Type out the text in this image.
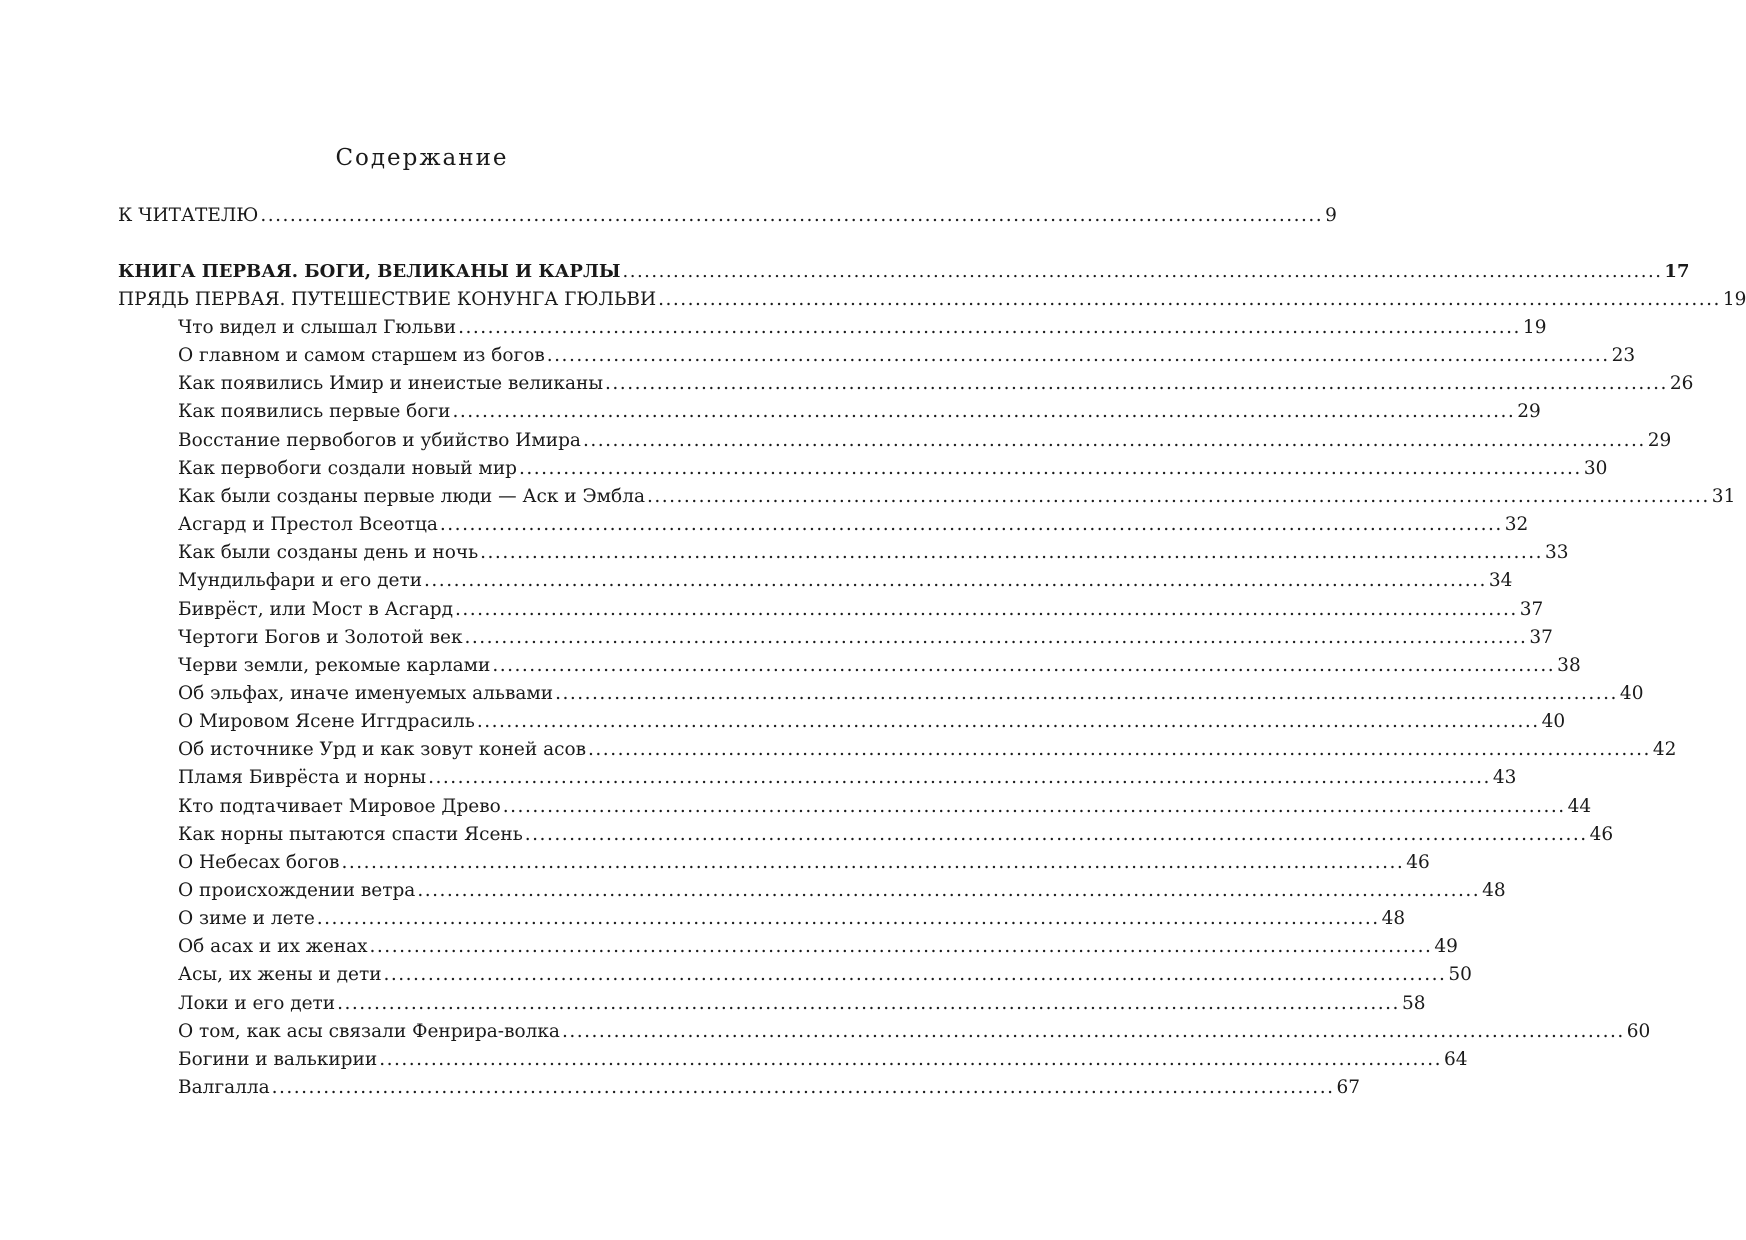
Содержание
К ЧИТАТЕЛЮ ................................................................................................................................................ 9
КНИГА ПЕРВАЯ. БОГИ, ВЕЛИКАНЫ И КАРЛЫ ................................................................................................................................................ 17
ПРЯДЬ ПЕРВАЯ. ПУТЕШЕСТВИЕ КОНУНГА ГЮЛЬВИ ................................................................................................................................................ 19
Что видел и слышал Гюльви ................................................................................................................................................ 19
О главном и самом старшем из богов ................................................................................................................................................ 23
Как появились Имир и инеистые великаны ................................................................................................................................................ 26
Как появились первые боги ................................................................................................................................................ 29
Восстание первобогов и убийство Имира ................................................................................................................................................ 29
Как первобоги создали новый мир ................................................................................................................................................ 30
Как были созданы первые люди — Аск и Эмбла ................................................................................................................................................ 31
Асгард и Престол Всеотца ................................................................................................................................................ 32
Как были созданы день и ночь ................................................................................................................................................ 33
Мундильфари и его дети ................................................................................................................................................ 34
Биврёст, или Мост в Асгард ................................................................................................................................................ 37
Чертоги Богов и Золотой век ................................................................................................................................................ 37
Черви земли, рекомые карлами ................................................................................................................................................ 38
Об эльфах, иначе именуемых альвами ................................................................................................................................................ 40
О Мировом Ясене Иггдрасиль ................................................................................................................................................ 40
Об источнике Урд и как зовут коней асов ................................................................................................................................................ 42
Пламя Биврёста и норны ................................................................................................................................................ 43
Кто подтачивает Мировое Древо ................................................................................................................................................ 44
Как норны пытаются спасти Ясень ................................................................................................................................................ 46
О Небесах богов ................................................................................................................................................ 46
О происхождении ветра ................................................................................................................................................ 48
О зиме и лете ................................................................................................................................................ 48
Об асах и их женах ................................................................................................................................................ 49
Асы, их жены и дети ................................................................................................................................................ 50
Локи и его дети ................................................................................................................................................ 58
О том, как асы связали Фенрира-волка ................................................................................................................................................ 60
Богини и валькирии ................................................................................................................................................ 64
Валгалла ................................................................................................................................................ 67
